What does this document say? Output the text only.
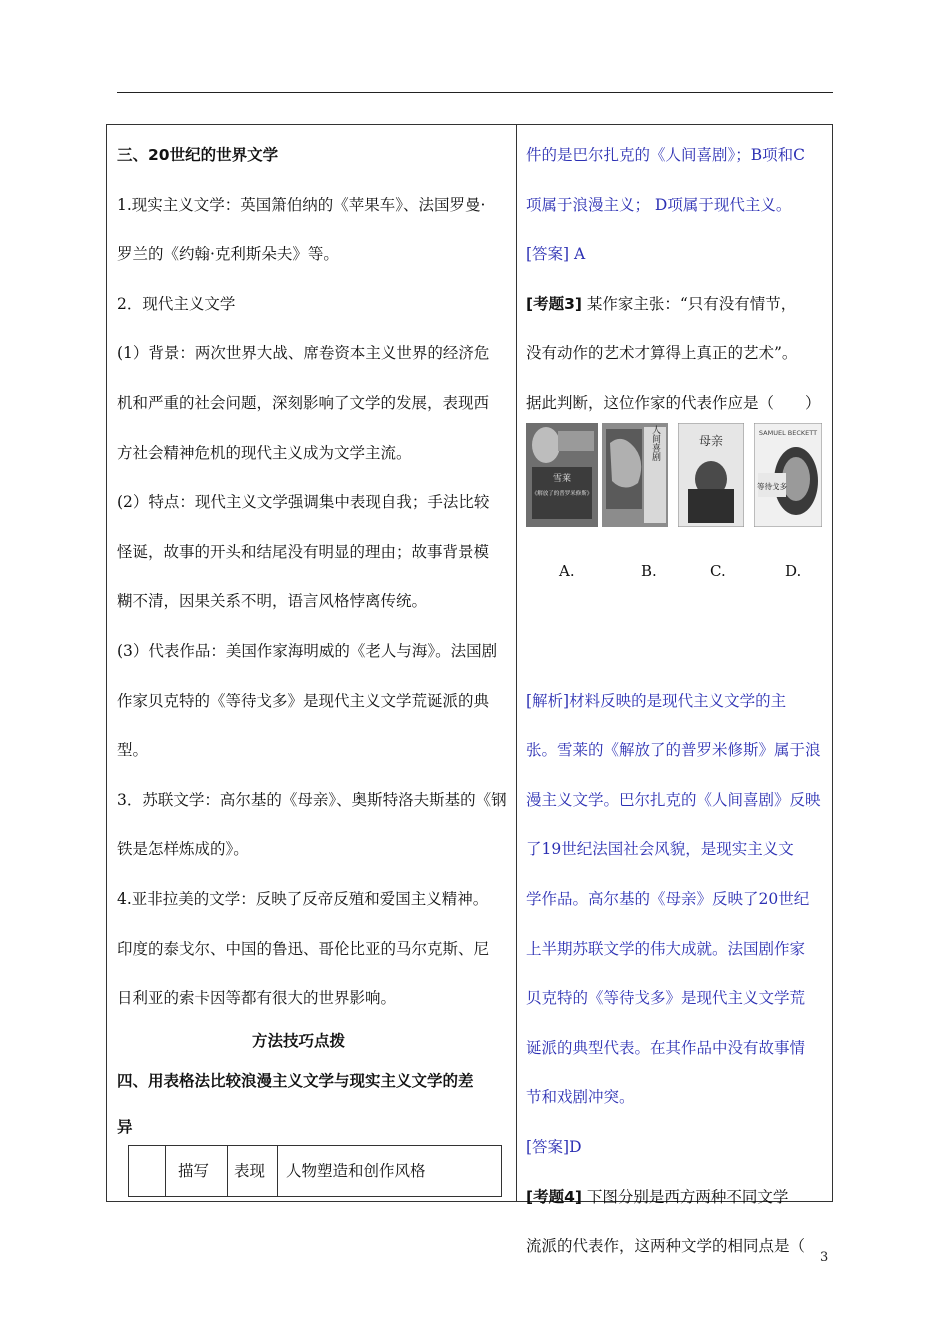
三、20世纪的世界文学

1.现实主义文学：英国箫伯纳的《苹果车》、法国罗曼·

罗兰的《约翰·克利斯朵夫》等。

2．现代主义文学

(1）背景：两次世界大战、席卷资本主义世界的经济危

机和严重的社会问题，深刻影响了文学的发展，表现西

方社会精神危机的现代主义成为文学主流。

(2）特点：现代主义文学强调集中表现自我；手法比较

怪诞，故事的开头和结尾没有明显的理由；故事背景模

糊不清，因果关系不明，语言风格悖离传统。

(3）代表作品：美国作家海明威的《老人与海》。法国剧

作家贝克特的《等待戈多》是现代主义文学荒诞派的典

型。

3．苏联文学：高尔基的《母亲》、奥斯特洛夫斯基的《钢

铁是怎样炼成的》。

4.亚非拉美的文学：反映了反帝反殖和爱国主义精神。

印度的泰戈尔、中国的鲁迅、哥伦比亚的马尔克斯、尼

日利亚的索卡因等都有很大的世界影响。

方法技巧点拨

四、用表格法比较浪漫主义文学与现实主义文学的差

异

描写	表现	人物塑造和创作风格

件的是巴尔扎克的《人间喜剧》；B项和C

项属于浪漫主义； D项属于现代主义。

[答案] A

[考题3] 某作家主张：“只有没有情节，

没有动作的艺术才算得上真正的艺术”。

据此判断，这位作家的代表作应是（　　）

[解析]材料反映的是现代主义文学的主

张。雪莱的《解放了的普罗米修斯》属于浪

漫主义文学。巴尔扎克的《人间喜剧》反映

了19世纪法国社会风貌，是现实主义文

学作品。高尔基的《母亲》反映了20世纪

上半期苏联文学的伟大成就。法国剧作家

贝克特的《等待戈多》是现代主义文学荒

诞派的典型代表。在其作品中没有故事情

节和戏剧冲突。

[答案]D

[考题4] 下图分别是西方两种不同文学

流派的代表作，这两种文学的相同点是（

雪莱
《解放了的普罗米修斯》
人间喜剧	母亲
SAMUEL BECKETT
等待戈多
A.	B.	C.	D.
3
